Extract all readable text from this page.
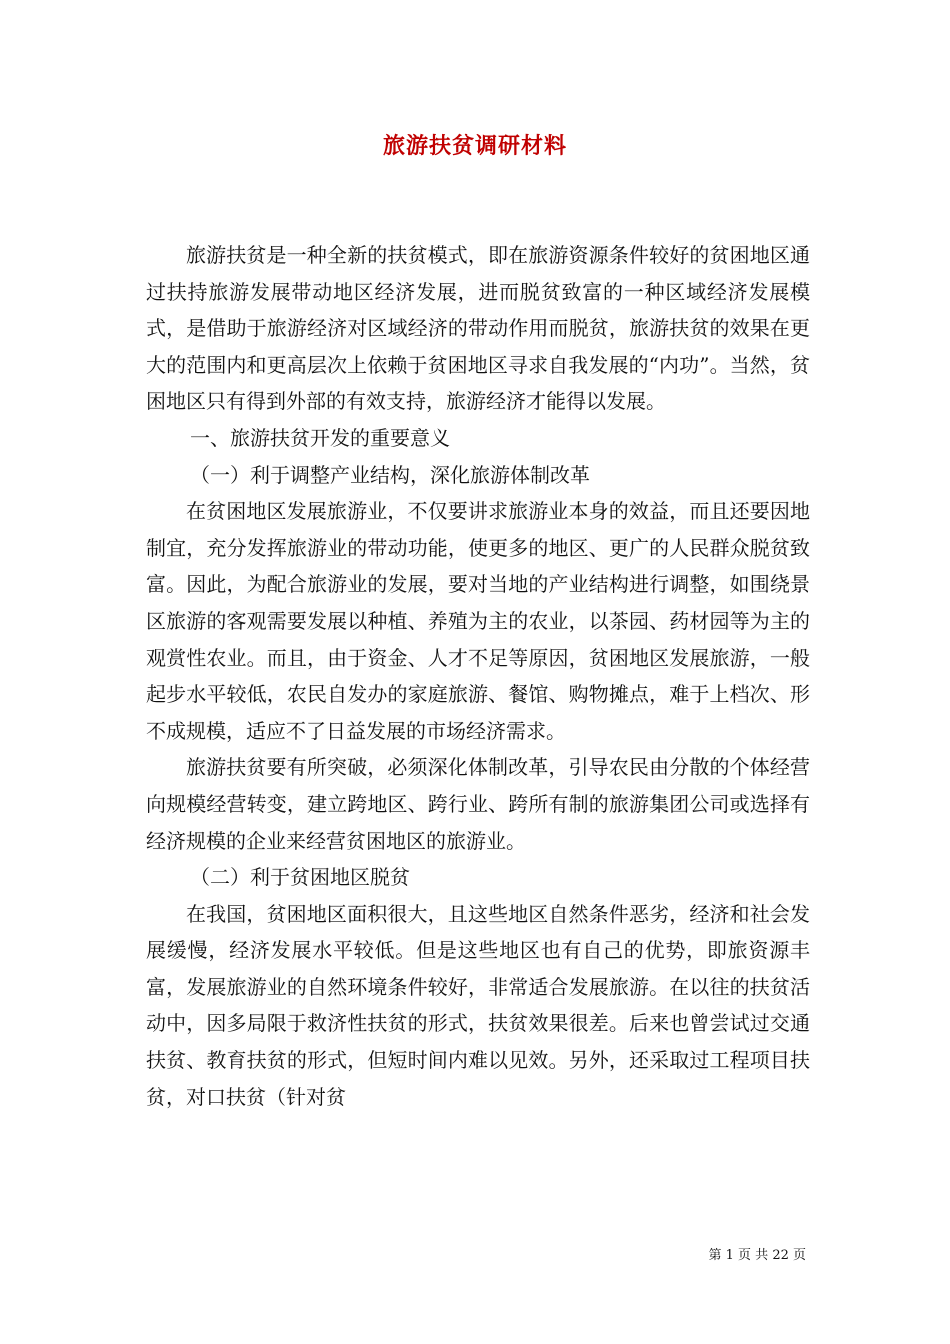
旅游扶贫调研材料

旅游扶贫是一种全新的扶贫模式，即在旅游资源条件较好的贫困地区通过扶持旅游发展带动地区经济发展，进而脱贫致富的一种区域经济发展模式，是借助于旅游经济对区域经济的带动作用而脱贫，旅游扶贫的效果在更大的范围内和更高层次上依赖于贫困地区寻求自我发展的“内功”。当然，贫困地区只有得到外部的有效支持，旅游经济才能得以发展。

一、旅游扶贫开发的重要意义

（一）利于调整产业结构，深化旅游体制改革

在贫困地区发展旅游业，不仅要讲求旅游业本身的效益，而且还要因地制宜，充分发挥旅游业的带动功能，使更多的地区、更广的人民群众脱贫致富。因此，为配合旅游业的发展，要对当地的产业结构进行调整，如围绕景区旅游的客观需要发展以种植、养殖为主的农业，以茶园、药材园等为主的观赏性农业。而且，由于资金、人才不足等原因，贫困地区发展旅游，一般起步水平较低，农民自发办的家庭旅游、餐馆、购物摊点，难于上档次、形不成规模，适应不了日益发展的市场经济需求。

旅游扶贫要有所突破，必须深化体制改革，引导农民由分散的个体经营向规模经营转变，建立跨地区、跨行业、跨所有制的旅游集团公司或选择有经济规模的企业来经营贫困地区的旅游业。

（二）利于贫困地区脱贫

在我国，贫困地区面积很大，且这些地区自然条件恶劣，经济和社会发展缓慢，经济发展水平较低。但是这些地区也有自己的优势，即旅资源丰富，发展旅游业的自然环境条件较好，非常适合发展旅游。在以往的扶贫活动中，因多局限于救济性扶贫的形式，扶贫效果很差。后来也曾尝试过交通扶贫、教育扶贫的形式，但短时间内难以见效。另外，还采取过工程项目扶贫，对口扶贫（针对贫

第 1 页 共 22 页
